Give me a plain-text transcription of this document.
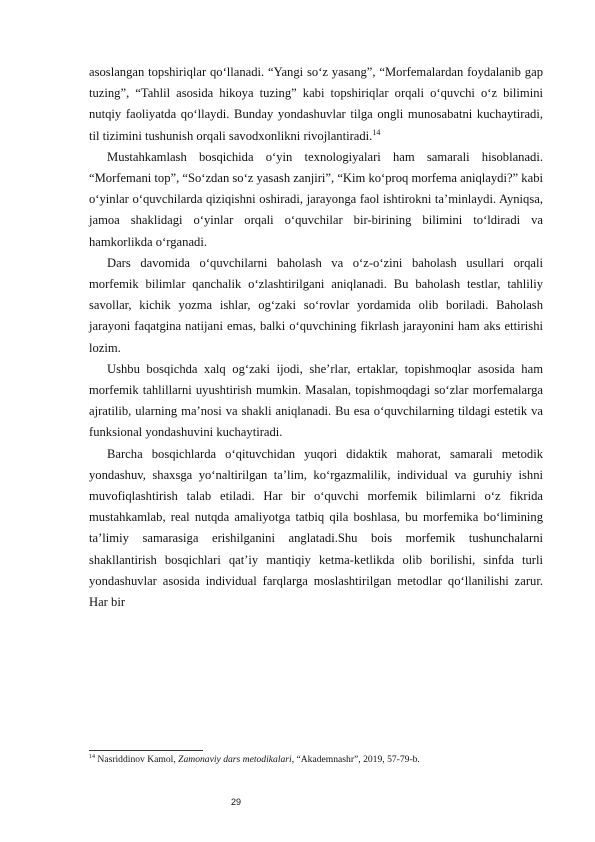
asoslangan topshiriqlar qo‘llanadi. “Yangi so‘z yasang”, “Morfemalardan foydalanib gap tuzing”, “Tahlil asosida hikoya tuzing” kabi topshiriqlar orqali o‘quvchi o‘z bilimini nutqiy faoliyatda qo‘llaydi. Bunday yondashuvlar tilga ongli munosabatni kuchaytiradi, til tizimini tushunish orqali savodxonlikni rivojlantiradi.$^{14}$

Mustahkamlash bosqichida o‘yin texnologiyalari ham samarali hisoblanadi. “Morfemani top”, “So‘zdan so‘z yasash zanjiri”, “Kim ko‘proq morfema aniqlaydi?” kabi o‘yinlar o‘quvchilarda qiziqishni oshiradi, jarayonga faol ishtirokni ta’minlaydi. Ayniqsa, jamoa shaklidagi o‘yinlar orqali o‘quvchilar bir-birining bilimini to‘ldiradi va hamkorlikda o‘rganadi.

Dars davomida o‘quvchilarni baholash va o‘z-o‘zini baholash usullari orqali morfemik bilimlar qanchalik o‘zlashtirilgani aniqlanadi. Bu baholash testlar, tahliliy savollar, kichik yozma ishlar, og‘zaki so‘rovlar yordamida olib boriladi. Baholash jarayoni faqatgina natijani emas, balki o‘quvchining fikrlash jarayonini ham aks ettirishi lozim.

Ushbu bosqichda xalq og‘zaki ijodi, she’rlar, ertaklar, topishmoqlar asosida ham morfemik tahlillarni uyushtirish mumkin. Masalan, topishmoqdagi so‘zlar morfemalarga ajratilib, ularning ma’nosi va shakli aniqlanadi. Bu esa o‘quvchilarning tildagi estetik va funksional yondashuvini kuchaytiradi.

Barcha bosqichlarda o‘qituvchidan yuqori didaktik mahorat, samarali metodik yondashuv, shaxsga yo‘naltirilgan ta’lim, ko‘rgazmalilik, individual va guruhiy ishni muvofiqlashtirish talab etiladi. Har bir o‘quvchi morfemik bilimlarni o‘z fikrida mustahkamlab, real nutqda amaliyotga tatbiq qila boshlasa, bu morfemika bo‘limining ta’limiy samarasiga erishilganini anglatadi.Shu bois morfemik tushunchalarni shakllantirish bosqichlari qat’iy mantiqiy ketma-ketlikda olib borilishi, sinfda turli yondashuvlar asosida individual farqlarga moslashtirilgan metodlar qo‘llanilishi zarur. Har bir

$^{14}$ Nasriddinov Kamol, Zamonaviy dars metodikalari, “Akademnashr”, 2019, 57-79-b.
29
